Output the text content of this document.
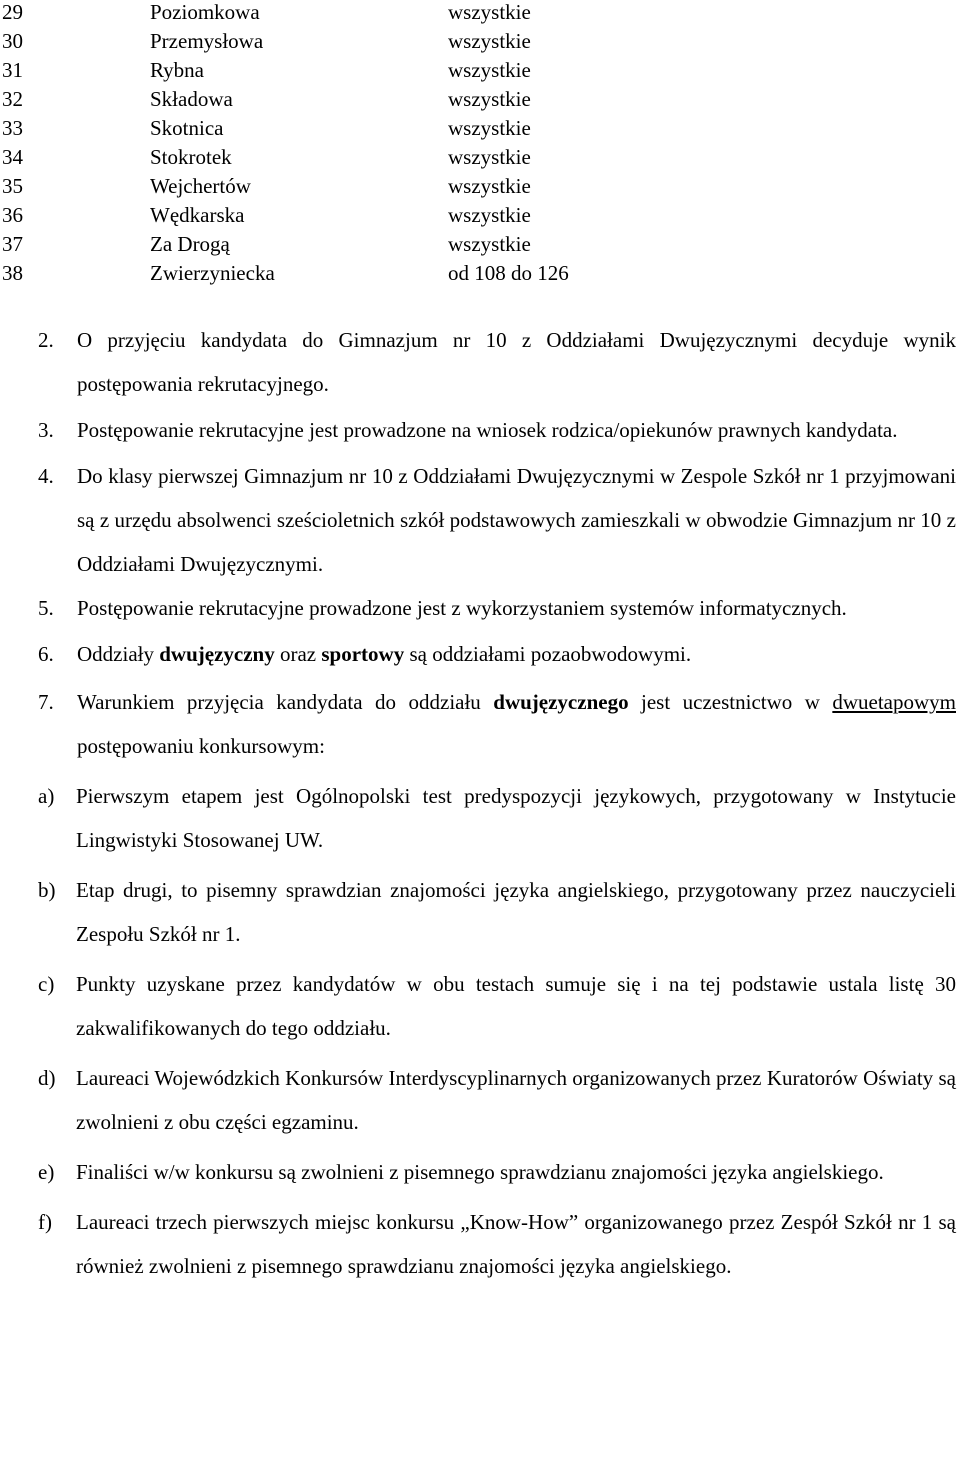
29	Poziomkowa	wszystkie
30	Przemysłowa	wszystkie
31	Rybna	wszystkie
32	Składowa	wszystkie
33	Skotnica	wszystkie
34	Stokrotek	wszystkie
35	Wejchertów	wszystkie
36	Wędkarska	wszystkie
37	Za Drogą	wszystkie
38	Zwierzyniecka	od 108 do 126
2. O przyjęciu kandydata do Gimnazjum nr 10 z Oddziałami Dwujęzycznymi decyduje wynik postępowania rekrutacyjnego.
3. Postępowanie rekrutacyjne jest prowadzone na wniosek rodzica/opiekunów prawnych kandydata.
4. Do klasy pierwszej Gimnazjum nr 10 z Oddziałami Dwujęzycznymi w Zespole Szkół nr 1 przyjmowani są z urzędu absolwenci sześcioletnich szkół podstawowych zamieszkali w obwodzie Gimnazjum nr 10 z Oddziałami Dwujęzycznymi.
5. Postępowanie rekrutacyjne prowadzone jest z wykorzystaniem systemów informatycznych.
6. Oddziały dwujęzyczny oraz sportowy są oddziałami pozaobwodowymi.
7. Warunkiem przyjęcia kandydata do oddziału dwujęzycznego jest uczestnictwo w dwuetapowym postępowaniu konkursowym:
a) Pierwszym etapem jest Ogólnopolski test predyspozycji językowych, przygotowany w Instytucie Lingwistyki Stosowanej UW.
b) Etap drugi, to pisemny sprawdzian znajomości języka angielskiego, przygotowany przez nauczycieli Zespołu Szkół nr 1.
c) Punkty uzyskane przez kandydatów w obu testach sumuje się i na tej podstawie ustala listę 30 zakwalifikowanych do tego oddziału.
d) Laureaci Wojewódzkich Konkursów Interdyscyplinarnych organizowanych przez Kuratorów Oświaty są zwolnieni z obu części egzaminu.
e) Finaliści w/w konkursu są zwolnieni z pisemnego sprawdzianu znajomości języka angielskiego.
f) Laureaci trzech pierwszych miejsc konkursu „Know-How” organizowanego przez Zespół Szkół nr 1 są również zwolnieni z pisemnego sprawdzianu znajomości języka angielskiego.
